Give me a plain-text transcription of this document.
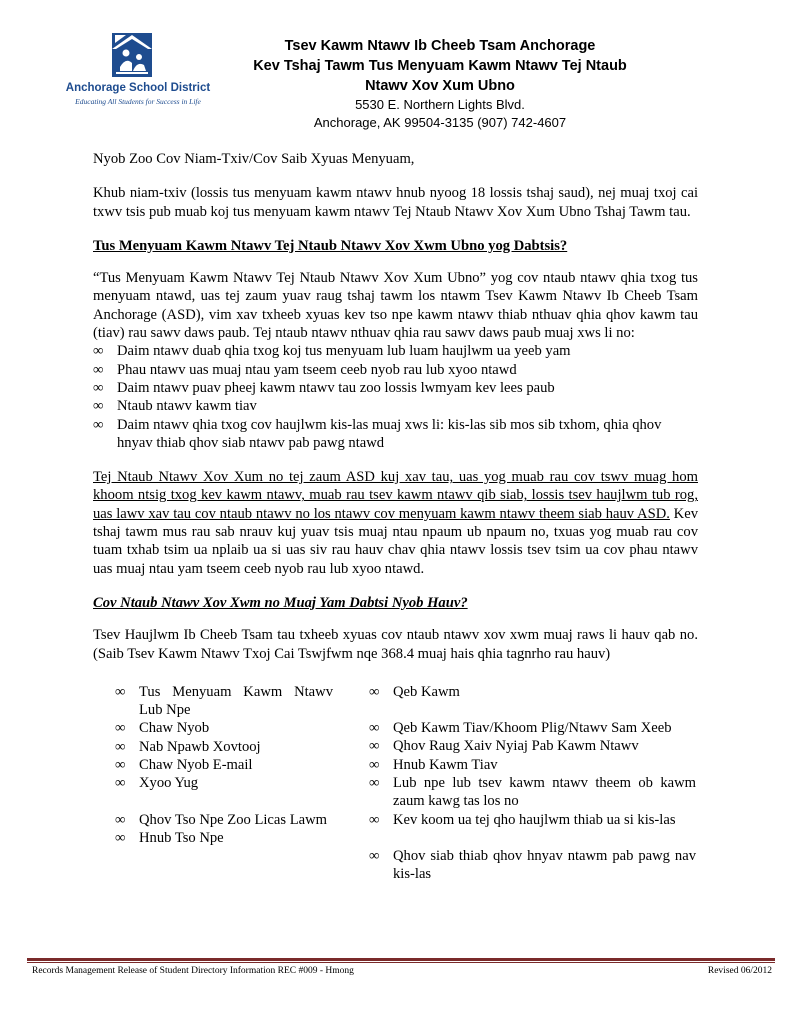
Anchorage School District
Educating All Students for Success in Life
Tsev Kawm Ntawv Ib Cheeb Tsam Anchorage
Kev Tshaj Tawm Tus Menyuam Kawm Ntawv Tej Ntaub
Ntawv Xov Xum Ubno
5530 E. Northern Lights Blvd.
Anchorage, AK 99504-3135 (907) 742-4607

Nyob Zoo Cov Niam-Txiv/Cov Saib Xyuas Menyuam,

Khub niam-txiv (lossis tus menyuam kawm ntawv hnub nyoog 18 lossis tshaj saud), nej muaj txoj cai txwv tsis pub muab koj tus menyuam kawm ntawv Tej Ntaub Ntawv Xov Xum Ubno Tshaj Tawm tau.

Tus Menyuam Kawm Ntawv Tej Ntaub Ntawv Xov Xwm Ubno yog Dabtsis?

“Tus Menyuam Kawm Ntawv Tej Ntaub Ntawv Xov Xum Ubno” yog cov ntaub ntawv qhia txog tus menyuam ntawd, uas tej zaum yuav raug tshaj tawm los ntawm Tsev Kawm Ntawv Ib Cheeb Tsam Anchorage (ASD), vim xav txheeb xyuas kev tso npe kawm ntawv thiab nthuav qhia qhov kawm tau (tiav) rau sawv daws paub. Tej ntaub ntawv nthuav qhia rau sawv daws paub muaj xws li no:

∞ Daim ntawv duab qhia txog koj tus menyuam lub luam haujlwm ua yeeb yam
∞ Phau ntawv uas muaj ntau yam tseem ceeb nyob rau lub xyoo ntawd
∞ Daim ntawv puav pheej kawm ntawv tau zoo lossis lwmyam kev lees paub
∞ Ntaub ntawv kawm tiav
∞ Daim ntawv qhia txog cov haujlwm kis-las muaj xws li: kis-las sib mos sib txhom, qhia qhov hnyav thiab qhov siab ntawv pab pawg ntawd

Tej Ntaub Ntawv Xov Xum no tej zaum ASD kuj xav tau, uas yog muab rau cov tswv muag hom khoom ntsig txog kev kawm ntawv, muab rau tsev kawm ntawv qib siab, lossis tsev haujlwm tub rog, uas lawv xav tau cov ntaub ntawv no los ntawv cov menyuam kawm ntawv theem siab hauv ASD. Kev tshaj tawm mus rau sab nrauv kuj yuav tsis muaj ntau npaum ub npaum no, txuas yog muab rau cov tuam txhab tsim ua nplaib ua si uas siv rau hauv chav qhia ntawv lossis tsev tsim ua cov phau ntawv uas muaj ntau yam tseem ceeb nyob rau lub xyoo ntawd.

Cov Ntaub Ntawv Xov Xwm no Muaj Yam Dabtsi Nyob Hauv?

Tsev Haujlwm Ib Cheeb Tsam tau txheeb xyuas cov ntaub ntawv xov xwm muaj raws li hauv qab no. (Saib Tsev Kawm Ntawv Txoj Cai Tswjfwm nqe 368.4 muaj hais qhia tagnrho rau hauv)

∞ Tus Menyuam Kawm Ntawv Lub Npe
∞ Chaw Nyob
∞ Nab Npawb Xovtooj
∞ Chaw Nyob E-mail
∞ Xyoo Yug
∞ Qhov Tso Npe Zoo Licas Lawm
∞ Hnub Tso Npe
∞ Qeb Kawm
∞ Qeb Kawm Tiav/Khoom Plig/Ntawv Sam Xeeb
∞ Qhov Raug Xaiv Nyiaj Pab Kawm Ntawv
∞ Hnub Kawm Tiav
∞ Lub npe lub tsev kawm ntawv theem ob kawm zaum kawg tas los no
∞ Kev koom ua tej qho haujlwm thiab ua si kis-las
∞ Qhov siab thiab qhov hnyav ntawm pab pawg nav kis-las
Records Management Release of Student Directory Information REC #009 - Hmong	Revised 06/2012
